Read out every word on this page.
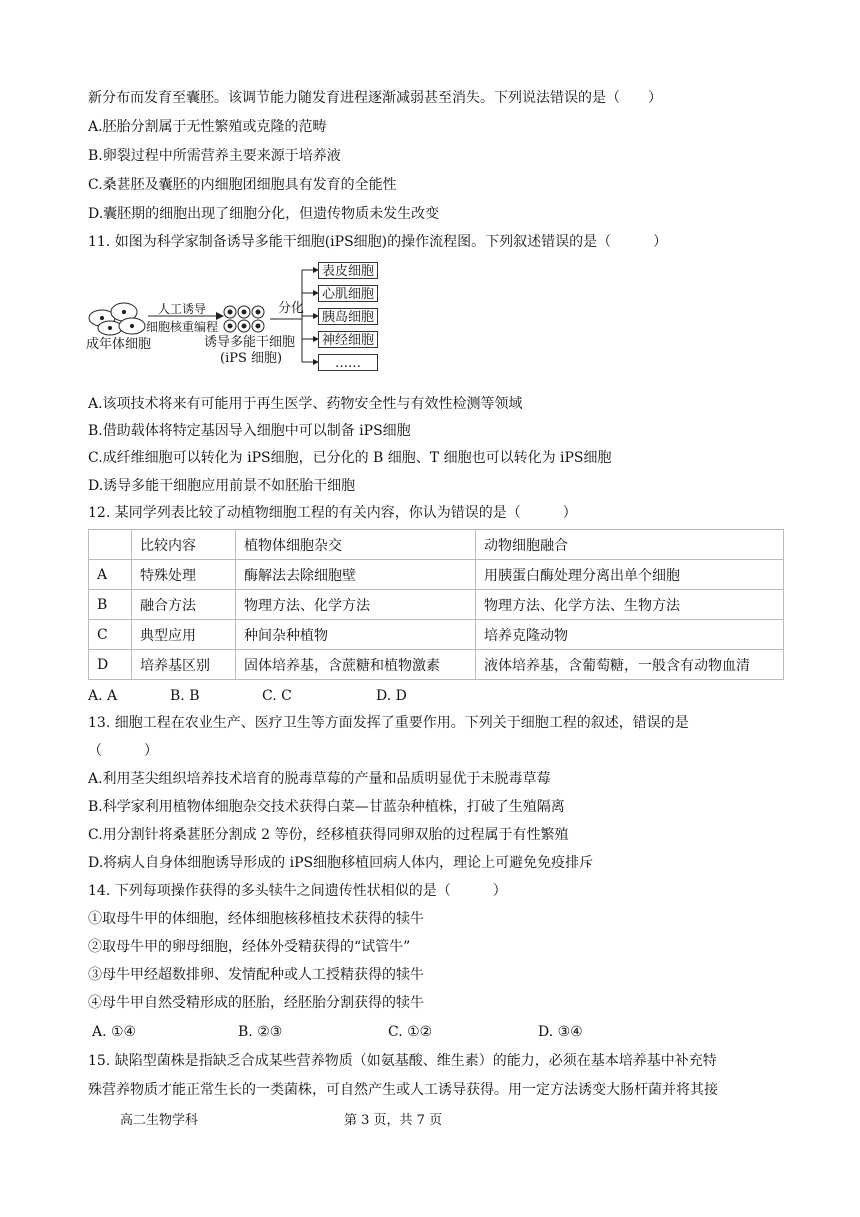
新分布而发育至囊胚。该调节能力随发育进程逐渐减弱甚至消失。下列说法错误的是（　　）
A.胚胎分割属于无性繁殖或克隆的范畴
B.卵裂过程中所需营养主要来源于培养液
C.桑葚胚及囊胚的内细胞团细胞具有发育的全能性
D.囊胚期的细胞出现了细胞分化，但遗传物质未发生改变
11. 如图为科学家制备诱导多能干细胞(iPS细胞)的操作流程图。下列叙述错误的是（　　　）
人工诱导
细胞核重编程
成年体细胞	诱导多能干细胞
(iPS 细胞)
分化
表皮细胞
心肌细胞
胰岛细胞
神经细胞
……
A.该项技术将来有可能用于再生医学、药物安全性与有效性检测等领域
B.借助载体将特定基因导入细胞中可以制备 iPS细胞
C.成纤维细胞可以转化为 iPS细胞，已分化的 B 细胞、T 细胞也可以转化为 iPS细胞
D.诱导多能干细胞应用前景不如胚胎干细胞
12. 某同学列表比较了动植物细胞工程的有关内容，你认为错误的是（　　　）
	比较内容	植物体细胞杂交	动物细胞融合
A	特殊处理	酶解法去除细胞壁	用胰蛋白酶处理分离出单个细胞
B	融合方法	物理方法、化学方法	物理方法、化学方法、生物方法
C	典型应用	种间杂种植物	培养克隆动物
D	培养基区别	固体培养基，含蔗糖和植物激素	液体培养基，含葡萄糖，一般含有动物血清
A. A	B. B	C. C	D. D
13. 细胞工程在农业生产、医疗卫生等方面发挥了重要作用。下列关于细胞工程的叙述，错误的是
（　　　）
A.利用茎尖组织培养技术培育的脱毒草莓的产量和品质明显优于未脱毒草莓
B.科学家利用植物体细胞杂交技术获得白菜—甘蓝杂种植株，打破了生殖隔离
C.用分割针将桑葚胚分割成 2 等份，经移植获得同卵双胎的过程属于有性繁殖
D.将病人自身体细胞诱导形成的 iPS细胞移植回病人体内，理论上可避免免疫排斥
14. 下列每项操作获得的多头犊牛之间遗传性状相似的是（　　　）
①取母牛甲的体细胞，经体细胞核移植技术获得的犊牛
②取母牛甲的卵母细胞，经体外受精获得的“试管牛”
③母牛甲经超数排卵、发情配种或人工授精获得的犊牛
④母牛甲自然受精形成的胚胎，经胚胎分割获得的犊牛
A. ①④	B. ②③	C. ①②	D. ③④
15. 缺陷型菌株是指缺乏合成某些营养物质（如氨基酸、维生素）的能力，必须在基本培养基中补充特
殊营养物质才能正常生长的一类菌株，可自然产生或人工诱导获得。用一定方法诱变大肠杆菌并将其接
高二生物学科	第 3 页，共 7 页
